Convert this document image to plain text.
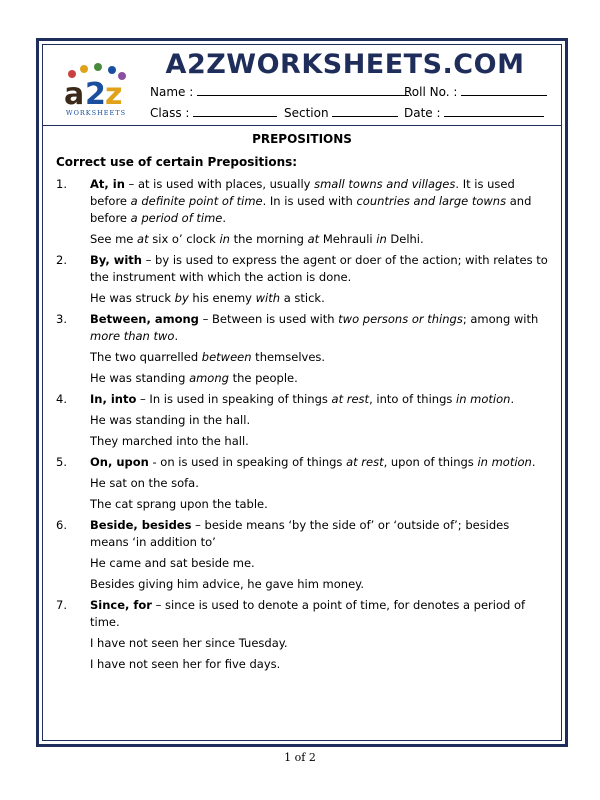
a 2 z
WORKSHEETS
A2ZWORKSHEETS.COM
Name :	Roll No. :
Class :	Section	Date :
PREPOSITIONS
Correct use of certain Prepositions:
1. At, in – at is used with places, usually small towns and villages. It is used before a definite point of time. In is used with countries and large towns and before a period of time.
See me at six o’ clock in the morning at Mehrauli in Delhi.
2. By, with – by is used to express the agent or doer of the action; with relates to the instrument with which the action is done.
He was struck by his enemy with a stick.
3. Between, among – Between is used with two persons or things; among with more than two.
The two quarrelled between themselves.
He was standing among the people.
4. In, into – In is used in speaking of things at rest, into of things in motion.
He was standing in the hall.
They marched into the hall.
5. On, upon - on is used in speaking of things at rest, upon of things in motion.
He sat on the sofa.
The cat sprang upon the table.
6. Beside, besides – beside means ‘by the side of’ or ‘outside of’; besides means ‘in addition to’
He came and sat beside me.
Besides giving him advice, he gave him money.
7. Since, for – since is used to denote a point of time, for denotes a period of time.
I have not seen her since Tuesday.
I have not seen her for five days.
1 of 2
